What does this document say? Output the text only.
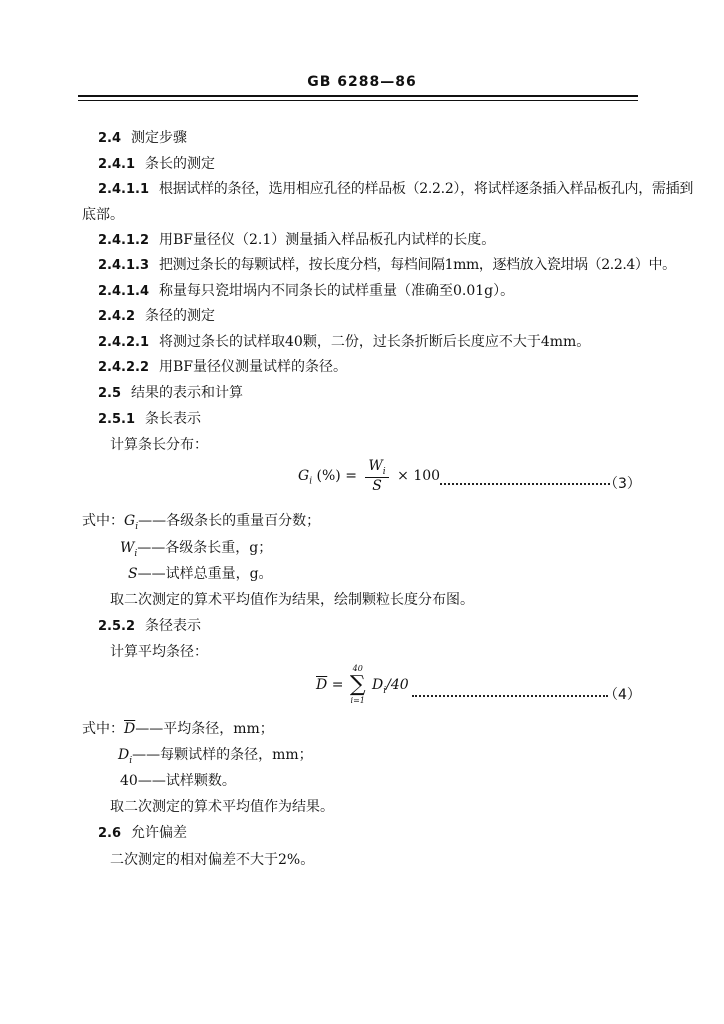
GB 6288—86
2.4 测定步骤
2.4.1 条长的测定
2.4.1.1 根据试样的条径，选用相应孔径的样品板（2.2.2），将试样逐条插入样品板孔内，需插到
底部。
2.4.1.2 用BF量径仪（2.1）测量插入样品板孔内试样的长度。
2.4.1.3 把测过条长的每颗试样，按长度分档，每档间隔1mm，逐档放入瓷坩埚（2.2.4）中。
2.4.1.4 称量每只瓷坩埚内不同条长的试样重量（准确至0.01g）。
2.4.2 条径的测定
2.4.2.1 将测过条长的试样取40颗，二份，过长条折断后长度应不大于4mm。
2.4.2.2 用BF量径仪测量试样的条径。
2.5 结果的表示和计算
2.5.1 条长表示
计算条长分布：
$G_i$ (%) = $\frac{W_i}{S} \times 100$
（3）
式中：$G_i——$各级条长的重量百分数；
$W_i——$各级条长重，g；
S——试样总重量，g。
取二次测定的算术平均值作为结果，绘制颗粒长度分布图。
2.5.2 条径表示
计算平均条径：
$\overline{D}$ =
40
∑
i=1
$D_i/40$
（4）
式中：$\overline{D}——$平均条径，mm；
$D_i——$每颗试样的条径，mm；
40——试样颗数。
取二次测定的算术平均值作为结果。
2.6 允许偏差
二次测定的相对偏差不大于2%。
